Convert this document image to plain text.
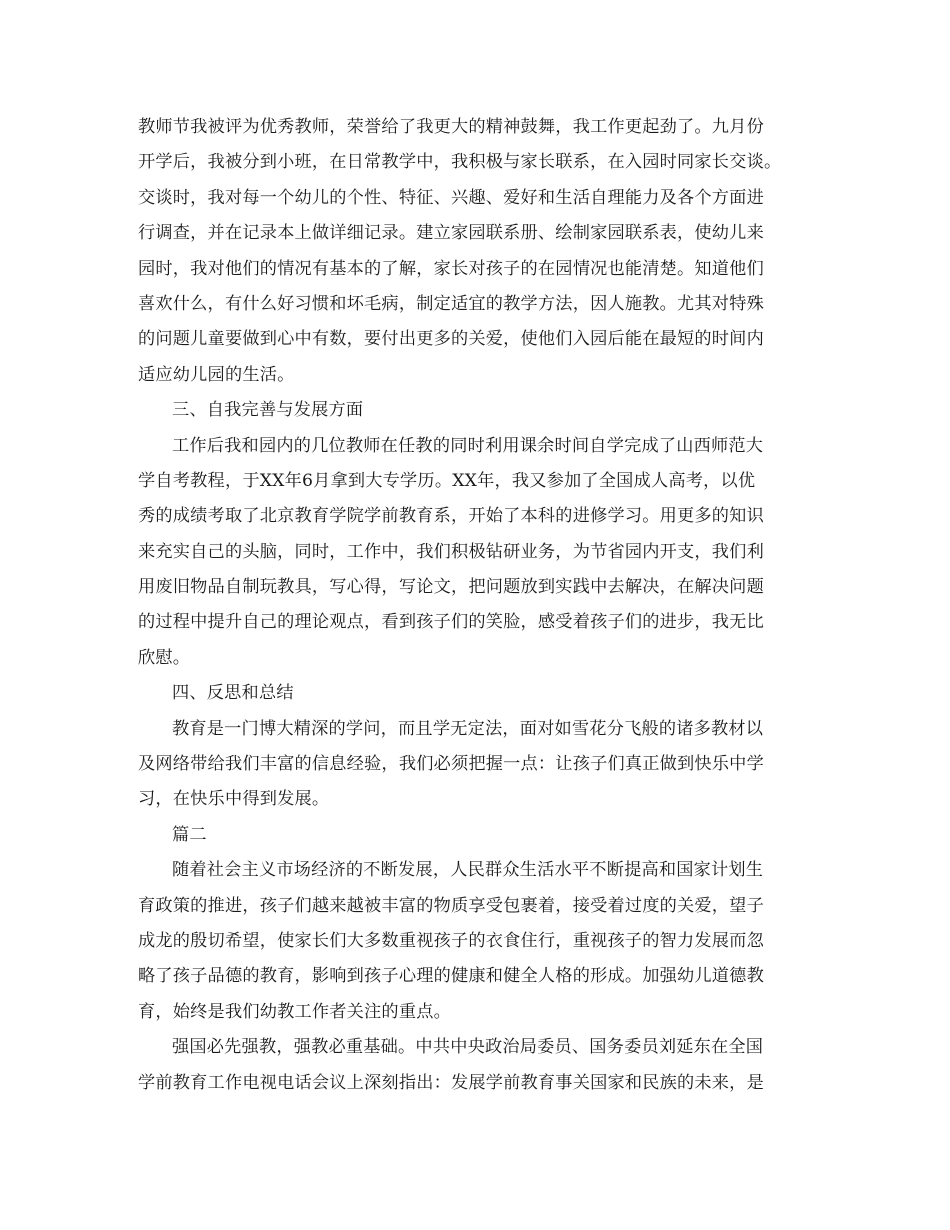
教师节我被评为优秀教师，荣誉给了我更大的精神鼓舞，我工作更起劲了。九月份
开学后，我被分到小班，在日常教学中，我积极与家长联系，在入园时同家长交谈。
交谈时，我对每一个幼儿的个性、特征、兴趣、爱好和生活自理能力及各个方面进
行调查，并在记录本上做详细记录。建立家园联系册、绘制家园联系表，使幼儿来
园时，我对他们的情况有基本的了解，家长对孩子的在园情况也能清楚。知道他们
喜欢什么，有什么好习惯和坏毛病，制定适宜的教学方法，因人施教。尤其对特殊
的问题儿童要做到心中有数，要付出更多的关爱，使他们入园后能在最短的时间内
适应幼儿园的生活。
三、自我完善与发展方面
工作后我和园内的几位教师在任教的同时利用课余时间自学完成了山西师范大
学自考教程，于XX年6月拿到大专学历。XX年，我又参加了全国成人高考，以优
秀的成绩考取了北京教育学院学前教育系，开始了本科的进修学习。用更多的知识
来充实自己的头脑，同时，工作中，我们积极钻研业务，为节省园内开支，我们利
用废旧物品自制玩教具，写心得，写论文，把问题放到实践中去解决，在解决问题
的过程中提升自己的理论观点，看到孩子们的笑脸，感受着孩子们的进步，我无比
欣慰。
四、反思和总结
教育是一门博大精深的学问，而且学无定法，面对如雪花分飞般的诸多教材以
及网络带给我们丰富的信息经验，我们必须把握一点：让孩子们真正做到快乐中学
习，在快乐中得到发展。
篇二
随着社会主义市场经济的不断发展，人民群众生活水平不断提高和国家计划生
育政策的推进，孩子们越来越被丰富的物质享受包裹着，接受着过度的关爱，望子
成龙的殷切希望，使家长们大多数重视孩子的衣食住行，重视孩子的智力发展而忽
略了孩子品德的教育，影响到孩子心理的健康和健全人格的形成。加强幼儿道德教
育，始终是我们幼教工作者关注的重点。
强国必先强教，强教必重基础。中共中央政治局委员、国务委员刘延东在全国
学前教育工作电视电话会议上深刻指出：发展学前教育事关国家和民族的未来，是
